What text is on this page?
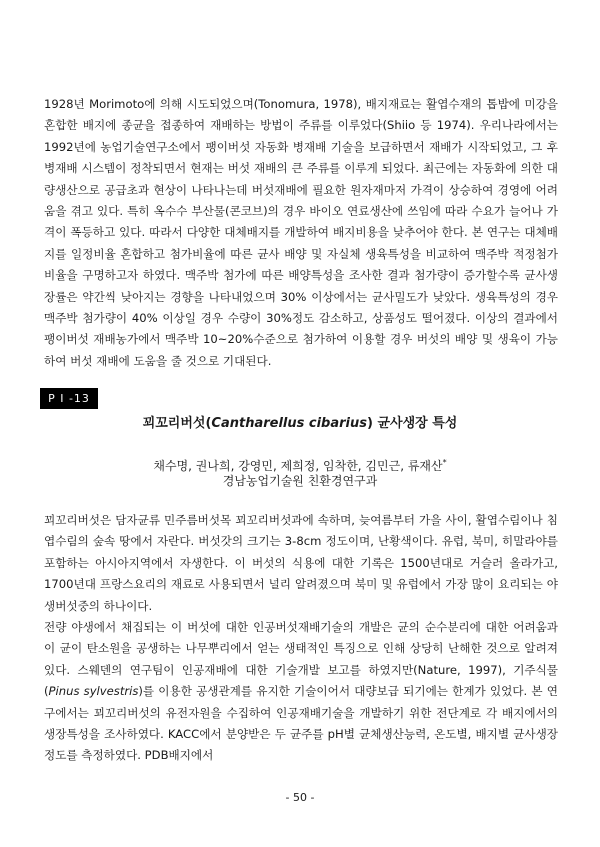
1928년 Morimoto에 의해 시도되었으며(Tonomura, 1978), 배지재료는 활엽수재의 톱밥에 미강을 혼합한 배지에 종균을 접종하여 재배하는 방법이 주류를 이루었다(Shiio 등 1974). 우리나라에서는 1992년에 농업기술연구소에서 팽이버섯 자동화 병재배 기술을 보급하면서 재배가 시작되었고, 그 후 병재배 시스템이 정착되면서 현재는 버섯 재배의 큰 주류를 이루게 되었다. 최근에는 자동화에 의한 대량생산으로 공급초과 현상이 나타나는데 버섯재배에 필요한 원자재마저 가격이 상승하여 경영에 어려움을 겪고 있다. 특히 옥수수 부산물(콘코브)의 경우 바이오 연료생산에 쓰임에 따라 수요가 늘어나 가격이 폭등하고 있다. 따라서 다양한 대체배지를 개발하여 배지비용을 낮추어야 한다. 본 연구는 대체배지를 일정비율 혼합하고 첨가비율에 따른 균사 배양 및 자실체 생육특성을 비교하여 맥주박 적정첨가비율을 구명하고자 하였다. 맥주박 첨가에 따른 배양특성을 조사한 결과 첨가량이 증가할수록 균사생장률은 약간씩 낮아지는 경향을 나타내었으며 30% 이상에서는 균사밀도가 낮았다. 생육특성의 경우 맥주박 첨가량이 40% 이상일 경우 수량이 30%정도 감소하고, 상품성도 떨어졌다. 이상의 결과에서 팽이버섯 재배농가에서 맥주박 10~20%수준으로 첨가하여 이용할 경우 버섯의 배양 및 생육이 가능하여 버섯 재배에 도움을 줄 것으로 기대된다.

P I -13
꾀꼬리버섯(Cantharellus cibarius) 균사생장 특성
채수명, 권나희, 강영민, 제희정, 임착한, 김민근, 류재산*
경남농업기술원 친환경연구과
꾀꼬리버섯은 담자균류 민주름버섯목 꾀꼬리버섯과에 속하며, 늦여름부터 가을 사이, 활엽수림이나 침엽수림의 숲속 땅에서 자란다. 버섯갓의 크기는 3-8cm 정도이며, 난황색이다. 유럽, 북미, 히말라야를 포함하는 아시아지역에서 자생한다. 이 버섯의 식용에 대한 기록은 1500년대로 거슬러 올라가고, 1700년대 프랑스요리의 재료로 사용되면서 널리 알려졌으며 북미 및 유럽에서 가장 많이 요리되는 야생버섯중의 하나이다.
전량 야생에서 채집되는 이 버섯에 대한 인공버섯재배기술의 개발은 균의 순수분리에 대한 어려움과 이 균이 탄소원을 공생하는 나무뿌리에서 얻는 생태적인 특징으로 인해 상당히 난해한 것으로 알려져 있다. 스웨덴의 연구팀이 인공재배에 대한 기술개발 보고를 하였지만(Nature, 1997), 기주식물(Pinus sylvestris)를 이용한 공생관계를 유지한 기술이어서 대량보급 되기에는 한계가 있었다. 본 연구에서는 꾀꼬리버섯의 유전자원을 수집하여 인공재배기술을 개발하기 위한 전단계로 각 배지에서의 생장특성을 조사하였다. KACC에서 분양받은 두 균주를 pH별 균체생산능력, 온도별, 배지별 균사생장정도를 측정하였다. PDB배지에서
- 50 -
